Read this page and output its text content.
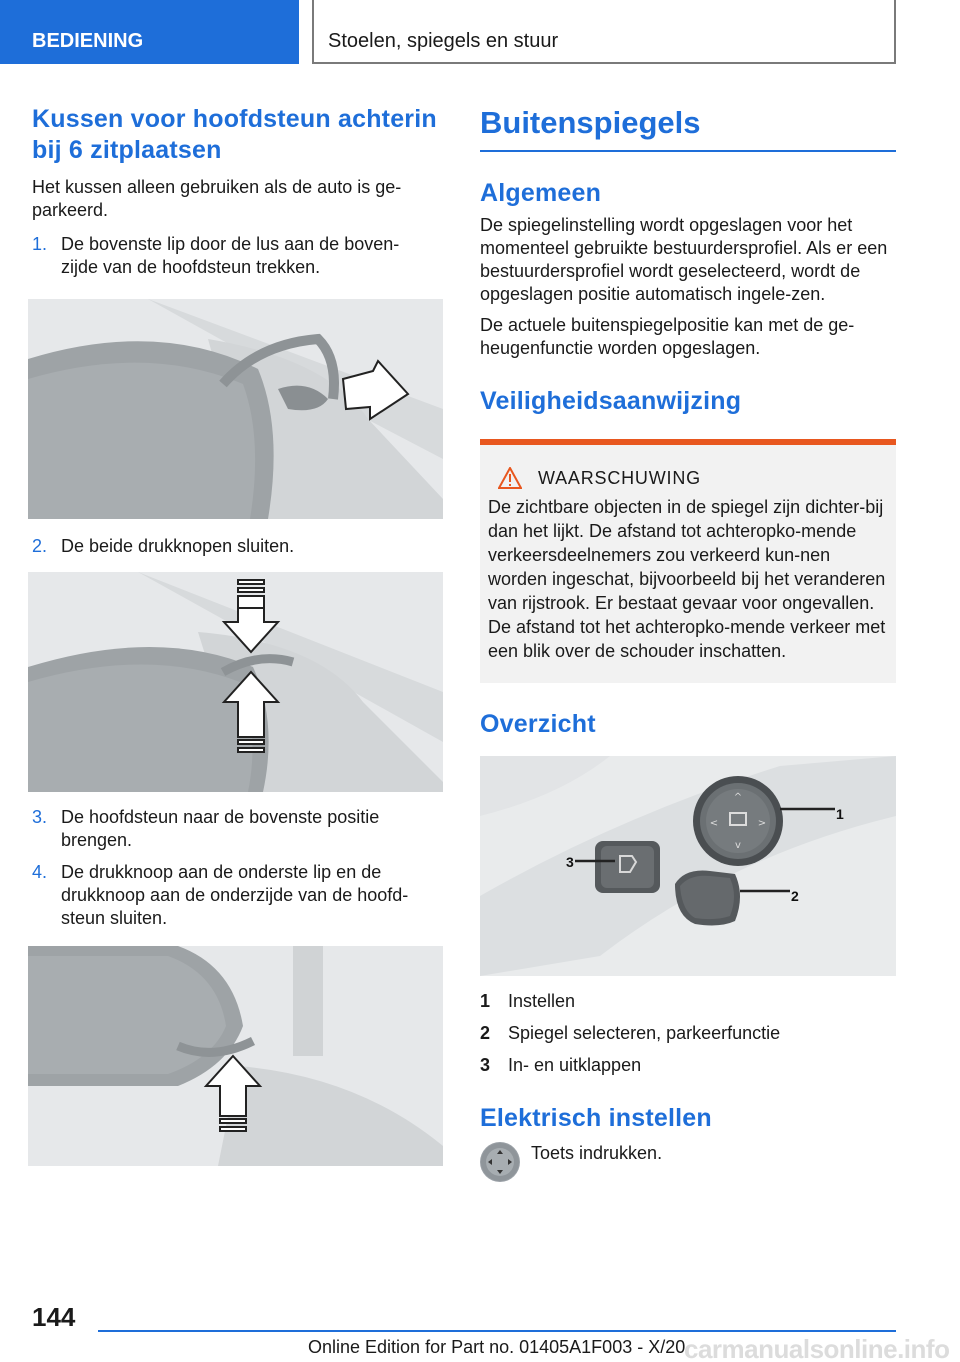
BEDIENING	Stoelen, spiegels en stuur
Kussen voor hoofdsteun achterin bij 6 zitplaatsen

Het kussen alleen gebruiken als de auto is ge-parkeerd.

1. De bovenste lip door de lus aan de boven-zijde van de hoofdsteun trekken.
2. De beide drukknopen sluiten.
3. De hoofdsteun naar de bovenste positie brengen.
4. De drukknoop aan de onderste lip en de drukknoop aan de onderzijde van de hoofd-steun sluiten.
Buitenspiegels
Algemeen

De spiegelinstelling wordt opgeslagen voor het momenteel gebruikte bestuurdersprofiel. Als er een bestuurdersprofiel wordt geselecteerd, wordt de opgeslagen positie automatisch ingele-zen.

De actuele buitenspiegelpositie kan met de ge-heugenfunctie worden opgeslagen.

Veiligheidsaanwijzing
WAARSCHUWING

De zichtbare objecten in de spiegel zijn dichter-bij dan het lijkt. De afstand tot achteropko-mende verkeersdeelnemers zou verkeerd kun-nen worden ingeschat, bijvoorbeeld bij het veranderen van rijstrook. Er bestaat gevaar voor ongevallen. De afstand tot het achteropko-mende verkeer met een blik over de schouder inschatten.

Overzicht
^
v
<	>
1
2
3
1 Instellen
2 Spiegel selecteren, parkeerfunctie
3 In- en uitklappen
Elektrisch instellen

Toets indrukken.

144
Online Edition for Part no. 01405A1F003 - X/20
carmanualsonline.info
